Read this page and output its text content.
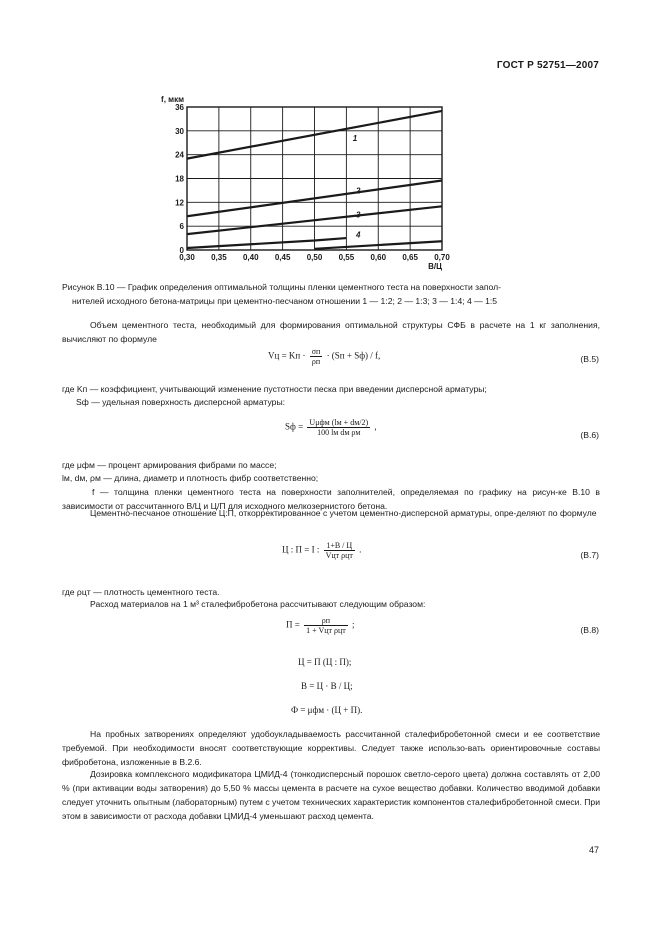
ГОСТ Р 52751—2007
36
30
24
18
12
6
0
0,30 0,35 0,40 0,45 0,50 0,55 0,60 0,65 0,70
f, мкм
В/Ц
1
2
3
4
Рисунок В.10 — График определения оптимальной толщины пленки цементного теста на поверхности запол-
нителей исходного бетона-матрицы при цементно-песчаном отношении 1 — 1:2; 2 — 1:3; 3 — 1:4; 4 — 1:5
Объем цементного теста, необходимый для формирования оптимальной структуры СФБ в расчете на 1 кг заполнения, вычисляют по формуле
Vц = Kп · $\frac{\sigma п}{\rho п} \cdot (Sп + Sф) / f$,	(В.5)
где Kп — коэффициент, учитывающий изменение пустотности песка при введении дисперсной арматуры;
Sф — удельная поверхность дисперсной арматуры:
Sф = $\frac{\text{Uμфм (lм + dм/2)}}{\text{100 lм dм ρм}}$ ,
(В.6)
где μфм — процент армирования фибрами по массе;
lм, dм, ρм — длина, диаметр и плотность фибр соответственно;
f — толщина пленки цементного теста на поверхности заполнителей, определяемая по графику на рисун-ке В.10 в зависимости от рассчитанного В/Ц и Ц/П для исходного мелкозернистого бетона.
Цементно-песчаное отношение Ц:П, откорректированное с учетом цементно-дисперсной арматуры, опре-деляют по формуле
Ц : П = I : $\frac{1+В / Ц}{\text{Vцт ρцт}}$ .
(В.7)
где ρцт — плотность цементного теста.
Расход материалов на 1 м³ сталефибробетона рассчитывают следующим образом:
$П = \frac{\rho п}{\text{1 + Vцт ρцт}}$ ;
(В.8)
Ц = П (Ц : П);
В = Ц · В / Ц;
Ф = μфм · (Ц + П).
На пробных затворениях определяют удобоукладываемость рассчитанной сталефибробетонной смеси и ее соответствие требуемой. При необходимости вносят соответствующие коррективы. Следует также использо-вать ориентировочные составы фибробетона, изложенные в В.2.6.
Дозировка комплексного модификатора ЦМИД-4 (тонкодисперсный порошок светло-серого цвета) должна составлять от 2,00 % (при активации воды затворения) до 5,50 % массы цемента в расчете на сухое вещество добавки. Количество вводимой добавки следует уточнить опытным (лабораторным) путем с учетом технических характеристик компонентов сталефибробетонной смеси. При этом в зависимости от расхода добавки ЦМИД-4 уменьшают расход цемента.
47
